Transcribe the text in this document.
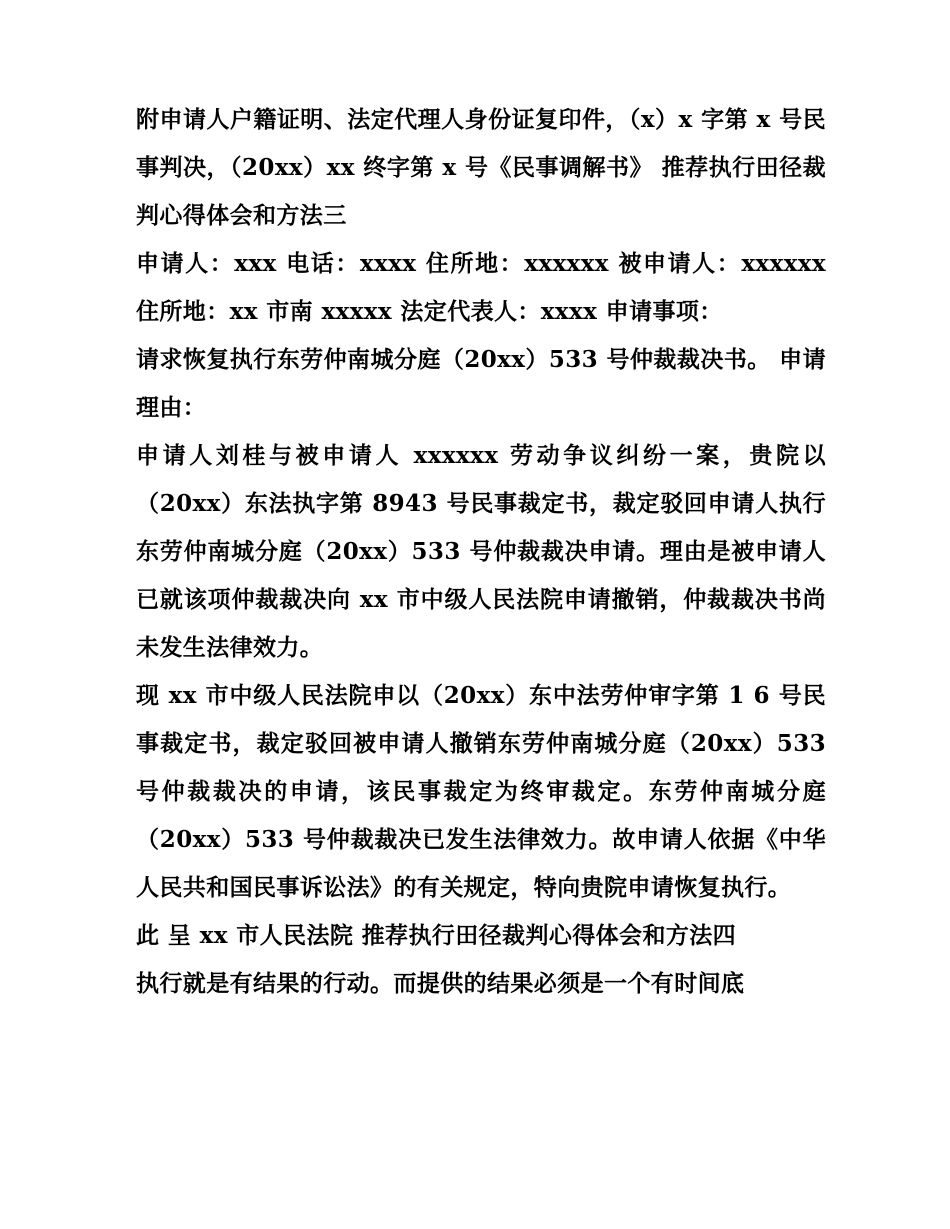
附申请人户籍证明、法定代理人身份证复印件，（x）x 字第 x 号民事判决，（20xx）xx 终字第 x 号《民事调解书》 推荐执行田径裁判心得体会和方法三

申请人：xxx 电话：xxxx 住所地：xxxxxx 被申请人：xxxxxx 住所地：xx 市南 xxxxx 法定代表人：xxxx 申请事项：

请求恢复执行东劳仲南城分庭（20xx）533 号仲裁裁决书。 申请理由：

申请人刘桂与被申请人 xxxxxx 劳动争议纠纷一案，贵院以（20xx）东法执字第 8943 号民事裁定书，裁定驳回申请人执行东劳仲南城分庭（20xx）533 号仲裁裁决申请。理由是被申请人已就该项仲裁裁决向 xx 市中级人民法院申请撤销，仲裁裁决书尚未发生法律效力。

现 xx 市中级人民法院申以（20xx）东中法劳仲审字第 1 6 号民事裁定书，裁定驳回被申请人撤销东劳仲南城分庭（20xx）533 号仲裁裁决的申请，该民事裁定为终审裁定。东劳仲南城分庭（20xx）533 号仲裁裁决已发生法律效力。故申请人依据《中华人民共和国民事诉讼法》的有关规定，特向贵院申请恢复执行。

此 呈 xx 市人民法院 推荐执行田径裁判心得体会和方法四

执行就是有结果的行动。而提供的结果必须是一个有时间底
